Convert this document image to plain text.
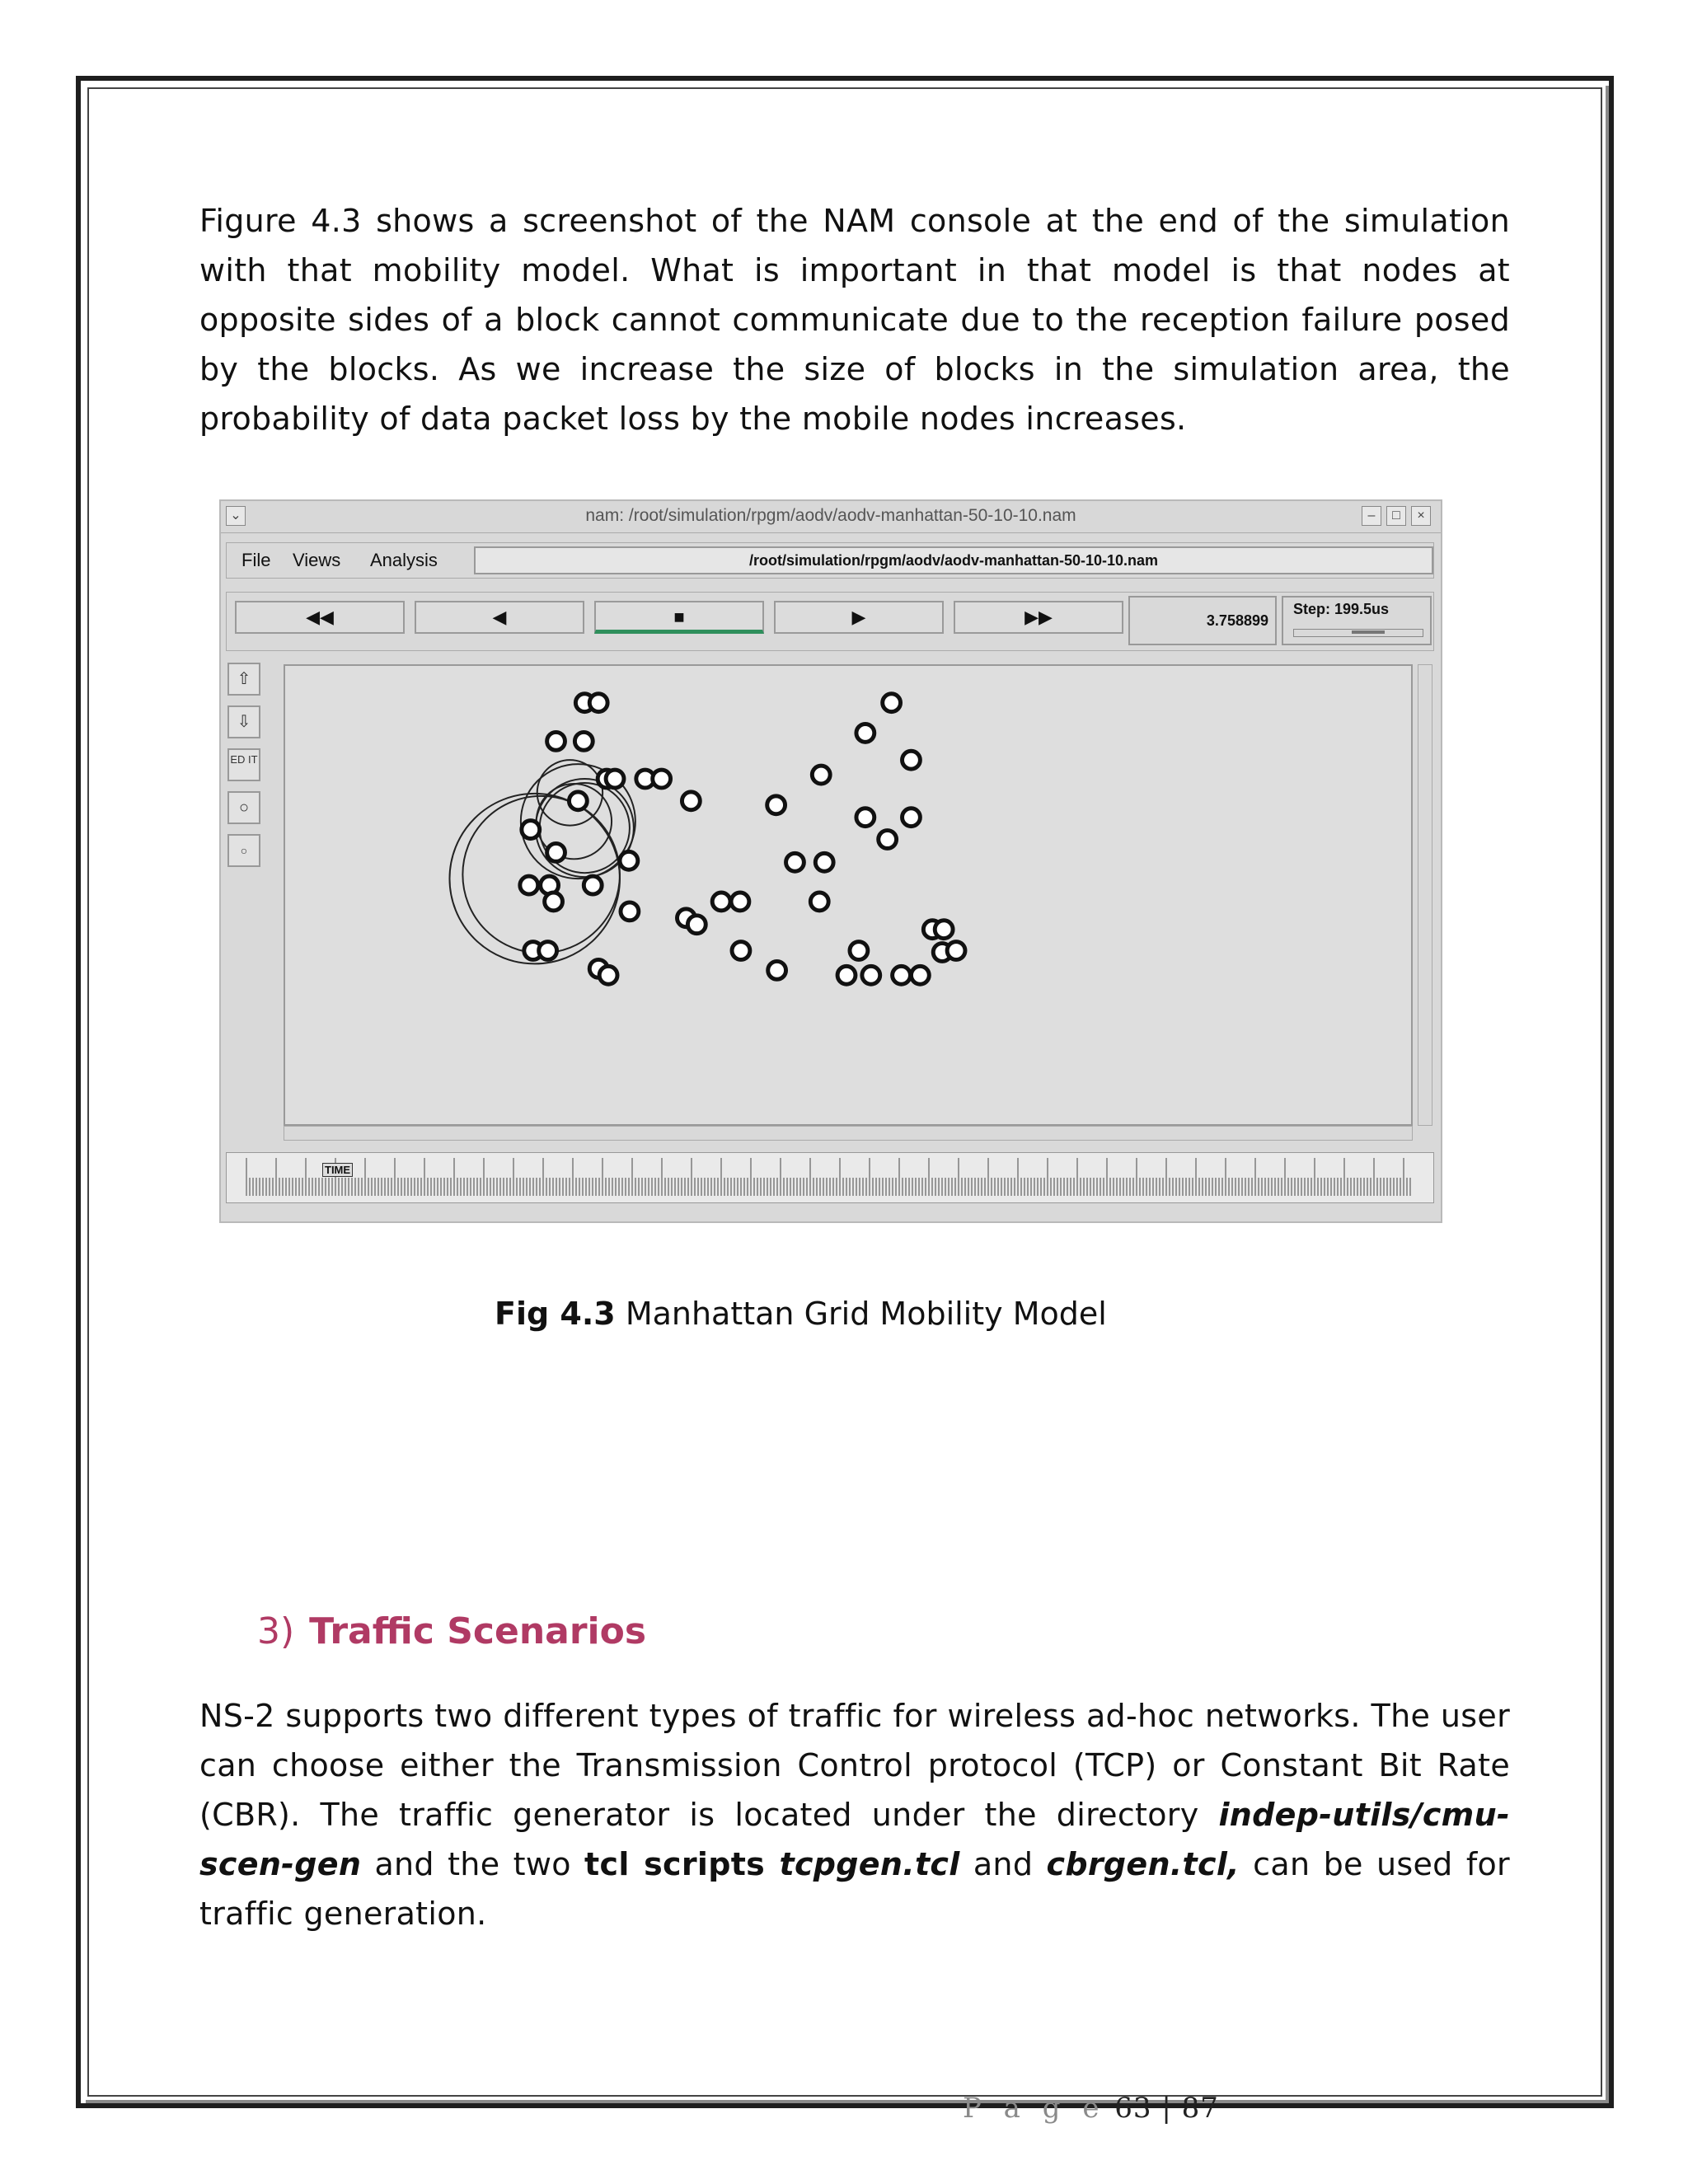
Figure 4.3 shows a screenshot of the NAM console at the end of the simulation with that mobility model. What is important in that model is that nodes at opposite sides of a block cannot communicate due to the reception failure posed by the blocks. As we increase the size of blocks in the simulation area, the probability of data packet loss by the mobile nodes increases.

⌄	nam: /root/simulation/rpgm/aodv/aodv-manhattan-50-10-10.nam	–	□	×
File Views Analysis	/root/simulation/rpgm/aodv/aodv-manhattan-50-10-10.nam
◀◀	◀	■	▶	▶▶	3.758899
Step: 199.5us
⇧
⇩
ED IT
○
○
TIME
Fig 4.3 Manhattan Grid Mobility Model
3) Traffic Scenarios

NS-2 supports two different types of traffic for wireless ad-hoc networks. The user can choose either the Transmission Control protocol (TCP) or Constant Bit Rate (CBR). The traffic generator is located under the directory indep-utils/cmu-scen-gen and the two tcl scripts tcpgen.tcl and cbrgen.tcl, can be used for traffic generation.

P a g e 63 | 87
